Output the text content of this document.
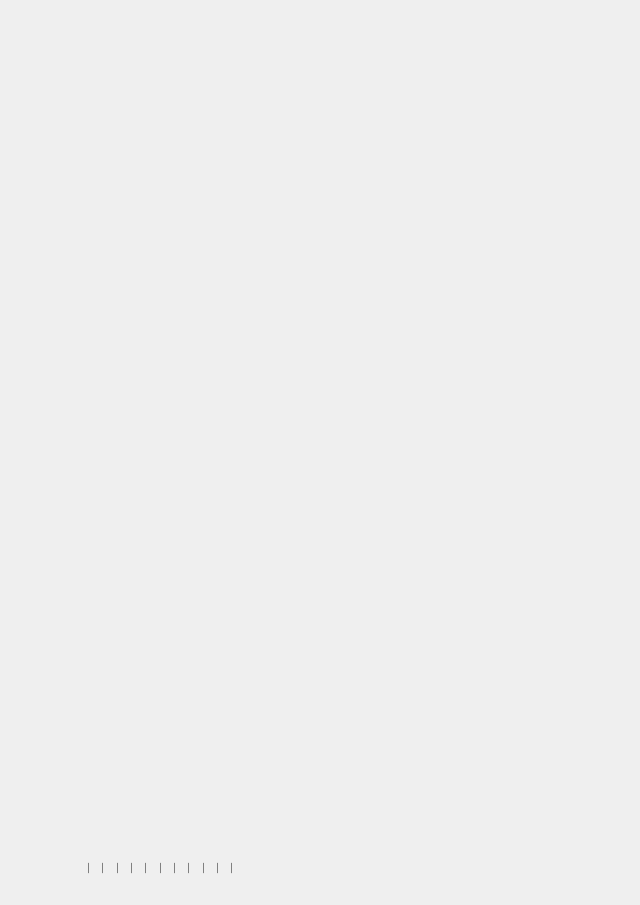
— — — — — — — — — — —
